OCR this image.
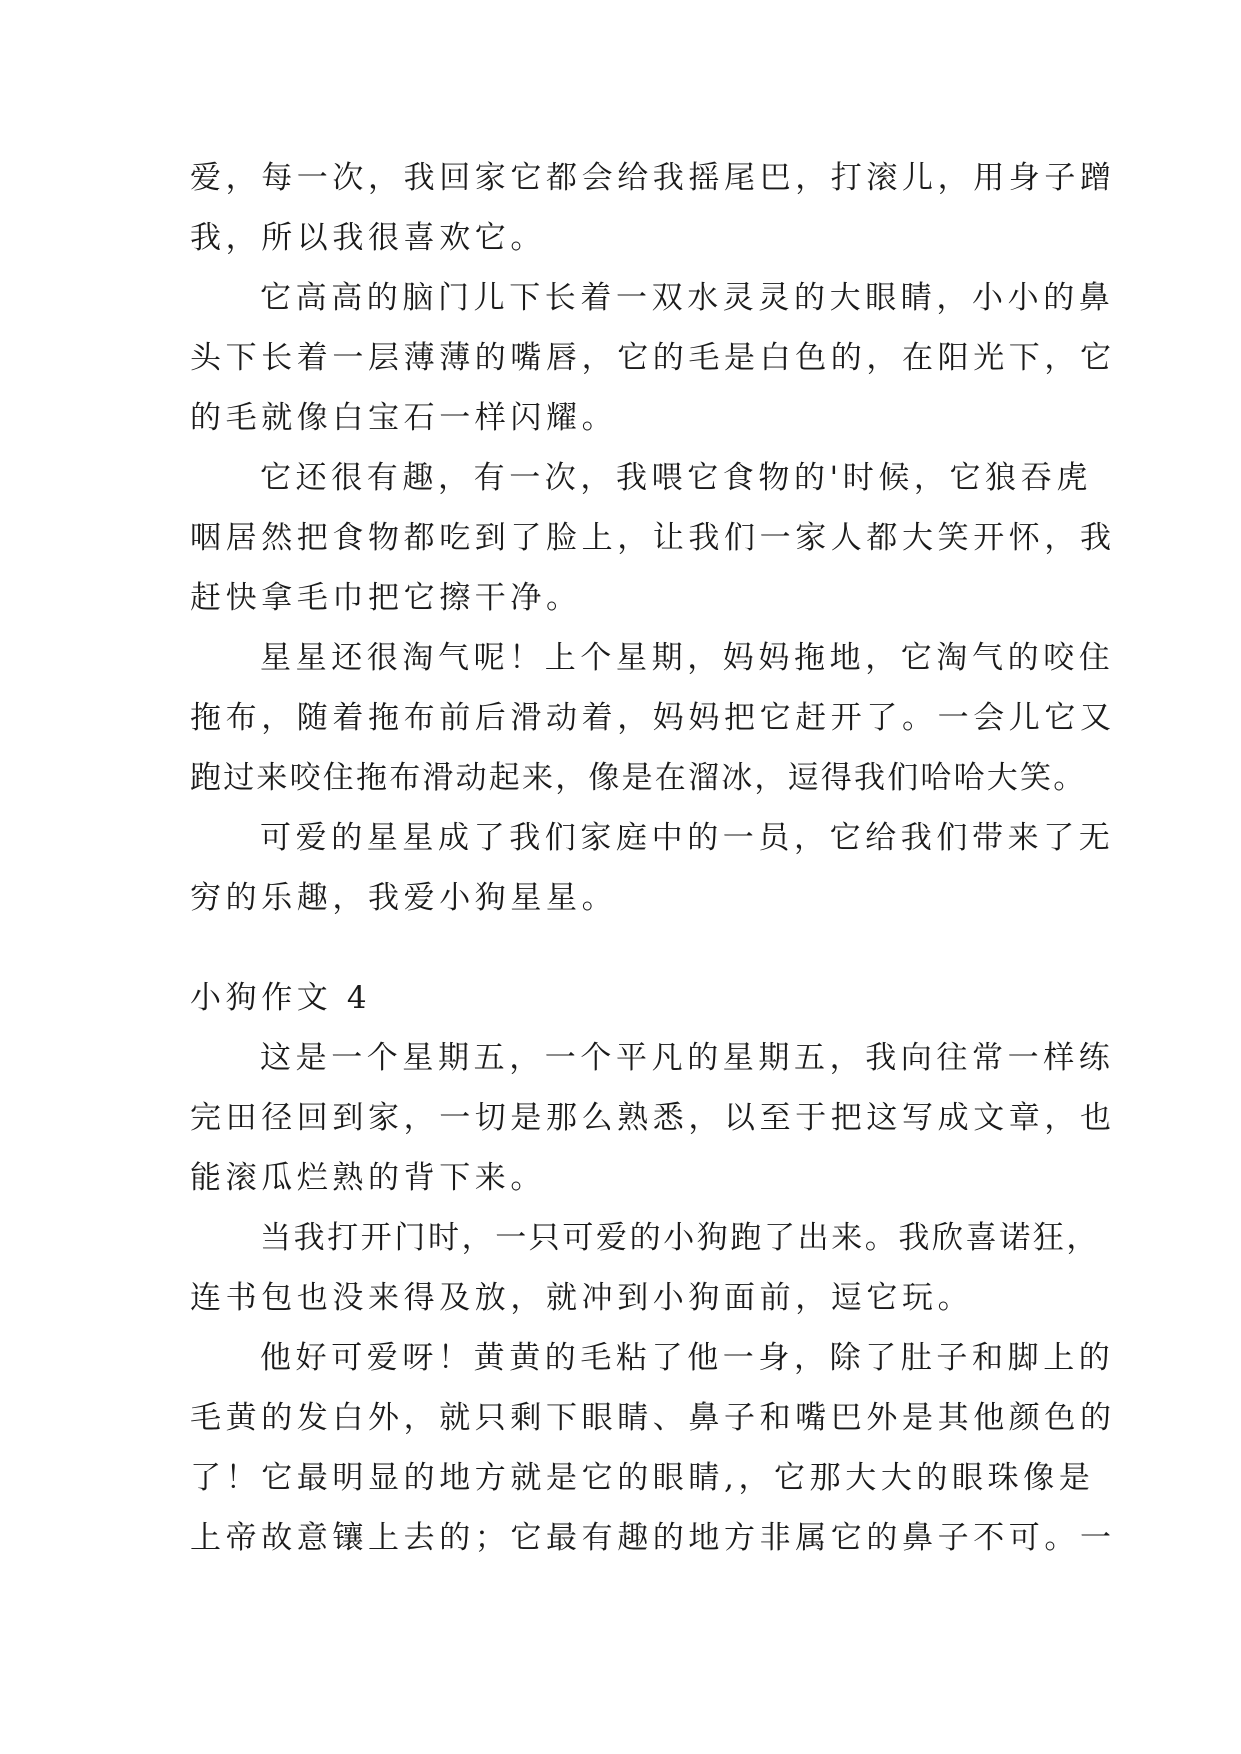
爱，每一次，我回家它都会给我摇尾巴，打滚儿，用身子蹭
我，所以我很喜欢它。
它高高的脑门儿下长着一双水灵灵的大眼睛，小小的鼻
头下长着一层薄薄的嘴唇，它的毛是白色的，在阳光下，它
的毛就像白宝石一样闪耀。
它还很有趣，有一次，我喂它食物的'时候，它狼吞虎
咽居然把食物都吃到了脸上，让我们一家人都大笑开怀，我
赶快拿毛巾把它擦干净。
星星还很淘气呢！上个星期，妈妈拖地，它淘气的咬住
拖布，随着拖布前后滑动着，妈妈把它赶开了。一会儿它又
跑过来咬住拖布滑动起来，像是在溜冰，逗得我们哈哈大笑。
可爱的星星成了我们家庭中的一员，它给我们带来了无
穷的乐趣，我爱小狗星星。
小狗作文 4
这是一个星期五，一个平凡的星期五，我向往常一样练
完田径回到家，一切是那么熟悉，以至于把这写成文章，也
能滚瓜烂熟的背下来。
当我打开门时，一只可爱的小狗跑了出来。我欣喜诺狂，
连书包也没来得及放，就冲到小狗面前，逗它玩。
他好可爱呀！黄黄的毛粘了他一身，除了肚子和脚上的
毛黄的发白外，就只剩下眼睛、鼻子和嘴巴外是其他颜色的
了！它最明显的地方就是它的眼睛,，它那大大的眼珠像是
上帝故意镶上去的；它最有趣的地方非属它的鼻子不可。一
